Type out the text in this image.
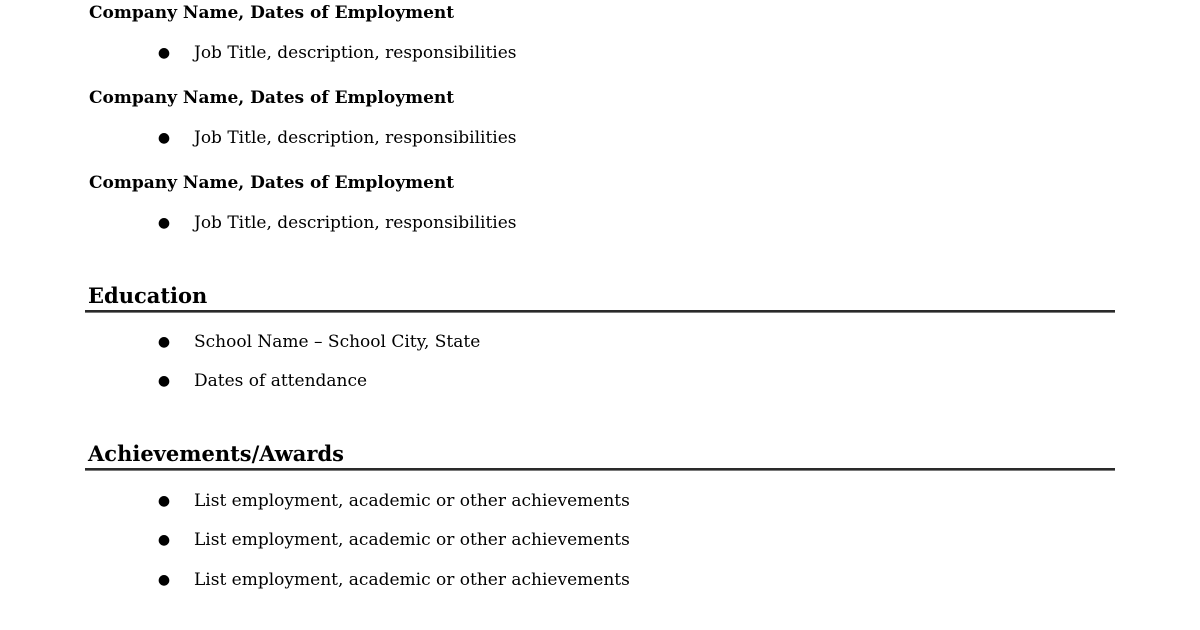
Company Name, Dates of Employment
● Job Title, description, responsibilities
Company Name, Dates of Employment
● Job Title, description, responsibilities
Company Name, Dates of Employment
● Job Title, description, responsibilities
Education
● School Name – School City, State
● Dates of attendance
Achievements/Awards
● List employment, academic or other achievements
● List employment, academic or other achievements
● List employment, academic or other achievements
